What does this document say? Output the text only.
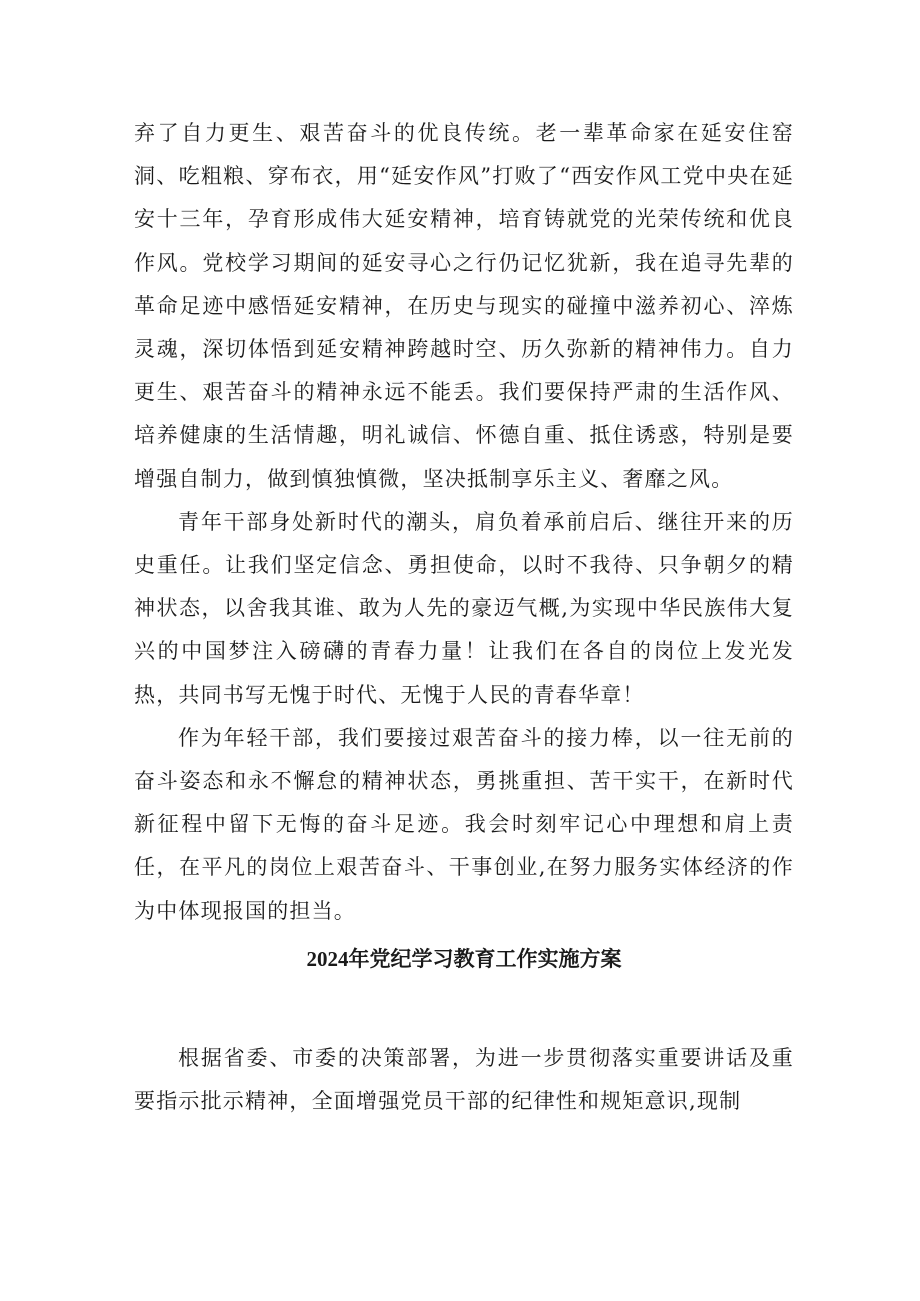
弃了自力更生、艰苦奋斗的优良传统。老一辈革命家在延安住窑洞、吃粗粮、穿布衣，用“延安作风”打败了“西安作风工党中央在延安十三年，孕育形成伟大延安精神，培育铸就党的光荣传统和优良作风。党校学习期间的延安寻心之行仍记忆犹新，我在追寻先辈的革命足迹中感悟延安精神，在历史与现实的碰撞中滋养初心、淬炼灵魂，深切体悟到延安精神跨越时空、历久弥新的精神伟力。自力更生、艰苦奋斗的精神永远不能丢。我们要保持严肃的生活作风、培养健康的生活情趣，明礼诚信、怀德自重、抵住诱惑，特别是要增强自制力，做到慎独慎微，坚决抵制享乐主义、奢靡之风。

青年干部身处新时代的潮头，肩负着承前启后、继往开来的历史重任。让我们坚定信念、勇担使命，以时不我待、只争朝夕的精神状态，以舍我其谁、敢为人先的豪迈气概,为实现中华民族伟大复兴的中国梦注入磅礴的青春力量！让我们在各自的岗位上发光发热，共同书写无愧于时代、无愧于人民的青春华章！

作为年轻干部，我们要接过艰苦奋斗的接力棒，以一往无前的奋斗姿态和永不懈怠的精神状态，勇挑重担、苦干实干，在新时代新征程中留下无悔的奋斗足迹。我会时刻牢记心中理想和肩上责任，在平凡的岗位上艰苦奋斗、干事创业,在努力服务实体经济的作为中体现报国的担当。

2024年党纪学习教育工作实施方案

根据省委、市委的决策部署，为进一步贯彻落实重要讲话及重要指示批示精神，全面增强党员干部的纪律性和规矩意识,现制
